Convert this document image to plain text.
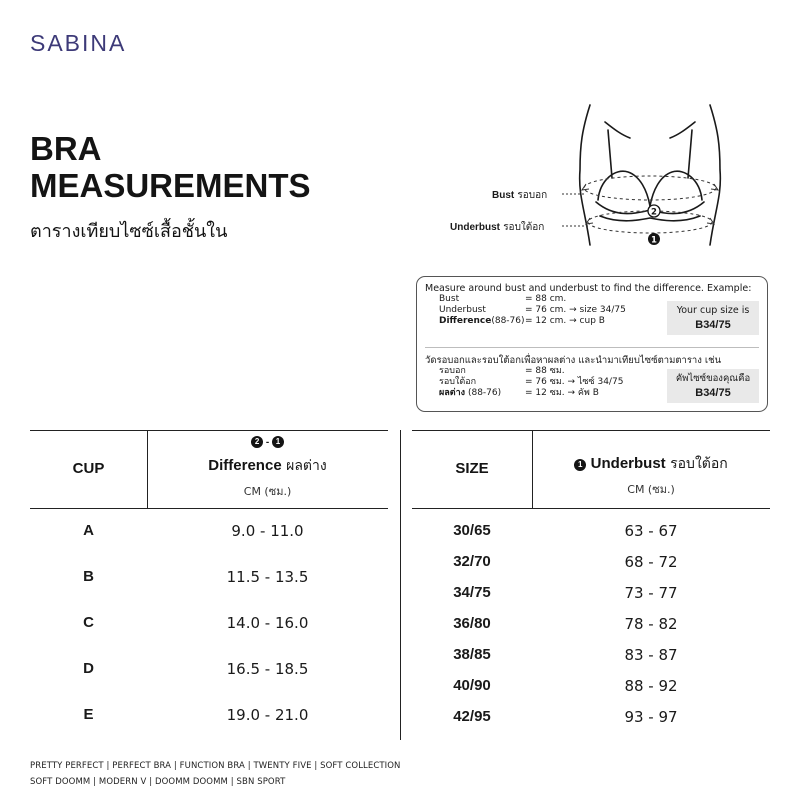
SABINA
BRA
MEASUREMENTS
ตารางเทียบไซซ์เสื้อชั้นใน
2
1
Bust รอบอก
Underbust รอบใต้อก
Measure around bust and underbust to find the difference. Example:
Bust	= 88 cm.
Underbust	= 76 cm. → size 34/75
Difference(88-76) = 12 cm. → cup B
Your cup size is
B34/75
วัดรอบอกและรอบใต้อกเพื่อหาผลต่าง และนำมาเทียบไซซ์ตามตาราง เช่น
รอบอก	= 88 ซม.
รอบใต้อก	= 76 ซม. → ไซซ์ 34/75
ผลต่าง (88-76)	= 12 ซม. → คัพ B
คัพไซซ์ของคุณคือ
B34/75
CUP
2 - 1
Difference ผลต่าง
CM (ซม.)
SIZE	1 Underbust รอบใต้อก
CM (ซม.)
A	9.0 - 11.0
B	11.5 - 13.5
C	14.0 - 16.0
D	16.5 - 18.5
E	19.0 - 21.0
30/65	63 - 67
32/70	68 - 72
34/75	73 - 77
36/80	78 - 82
38/85	83 - 87
40/90	88 - 92
42/95	93 - 97
PRETTY PERFECT | PERFECT BRA | FUNCTION BRA | TWENTY FIVE | SOFT COLLECTION
SOFT DOOMM | MODERN V | DOOMM DOOMM | SBN SPORT
